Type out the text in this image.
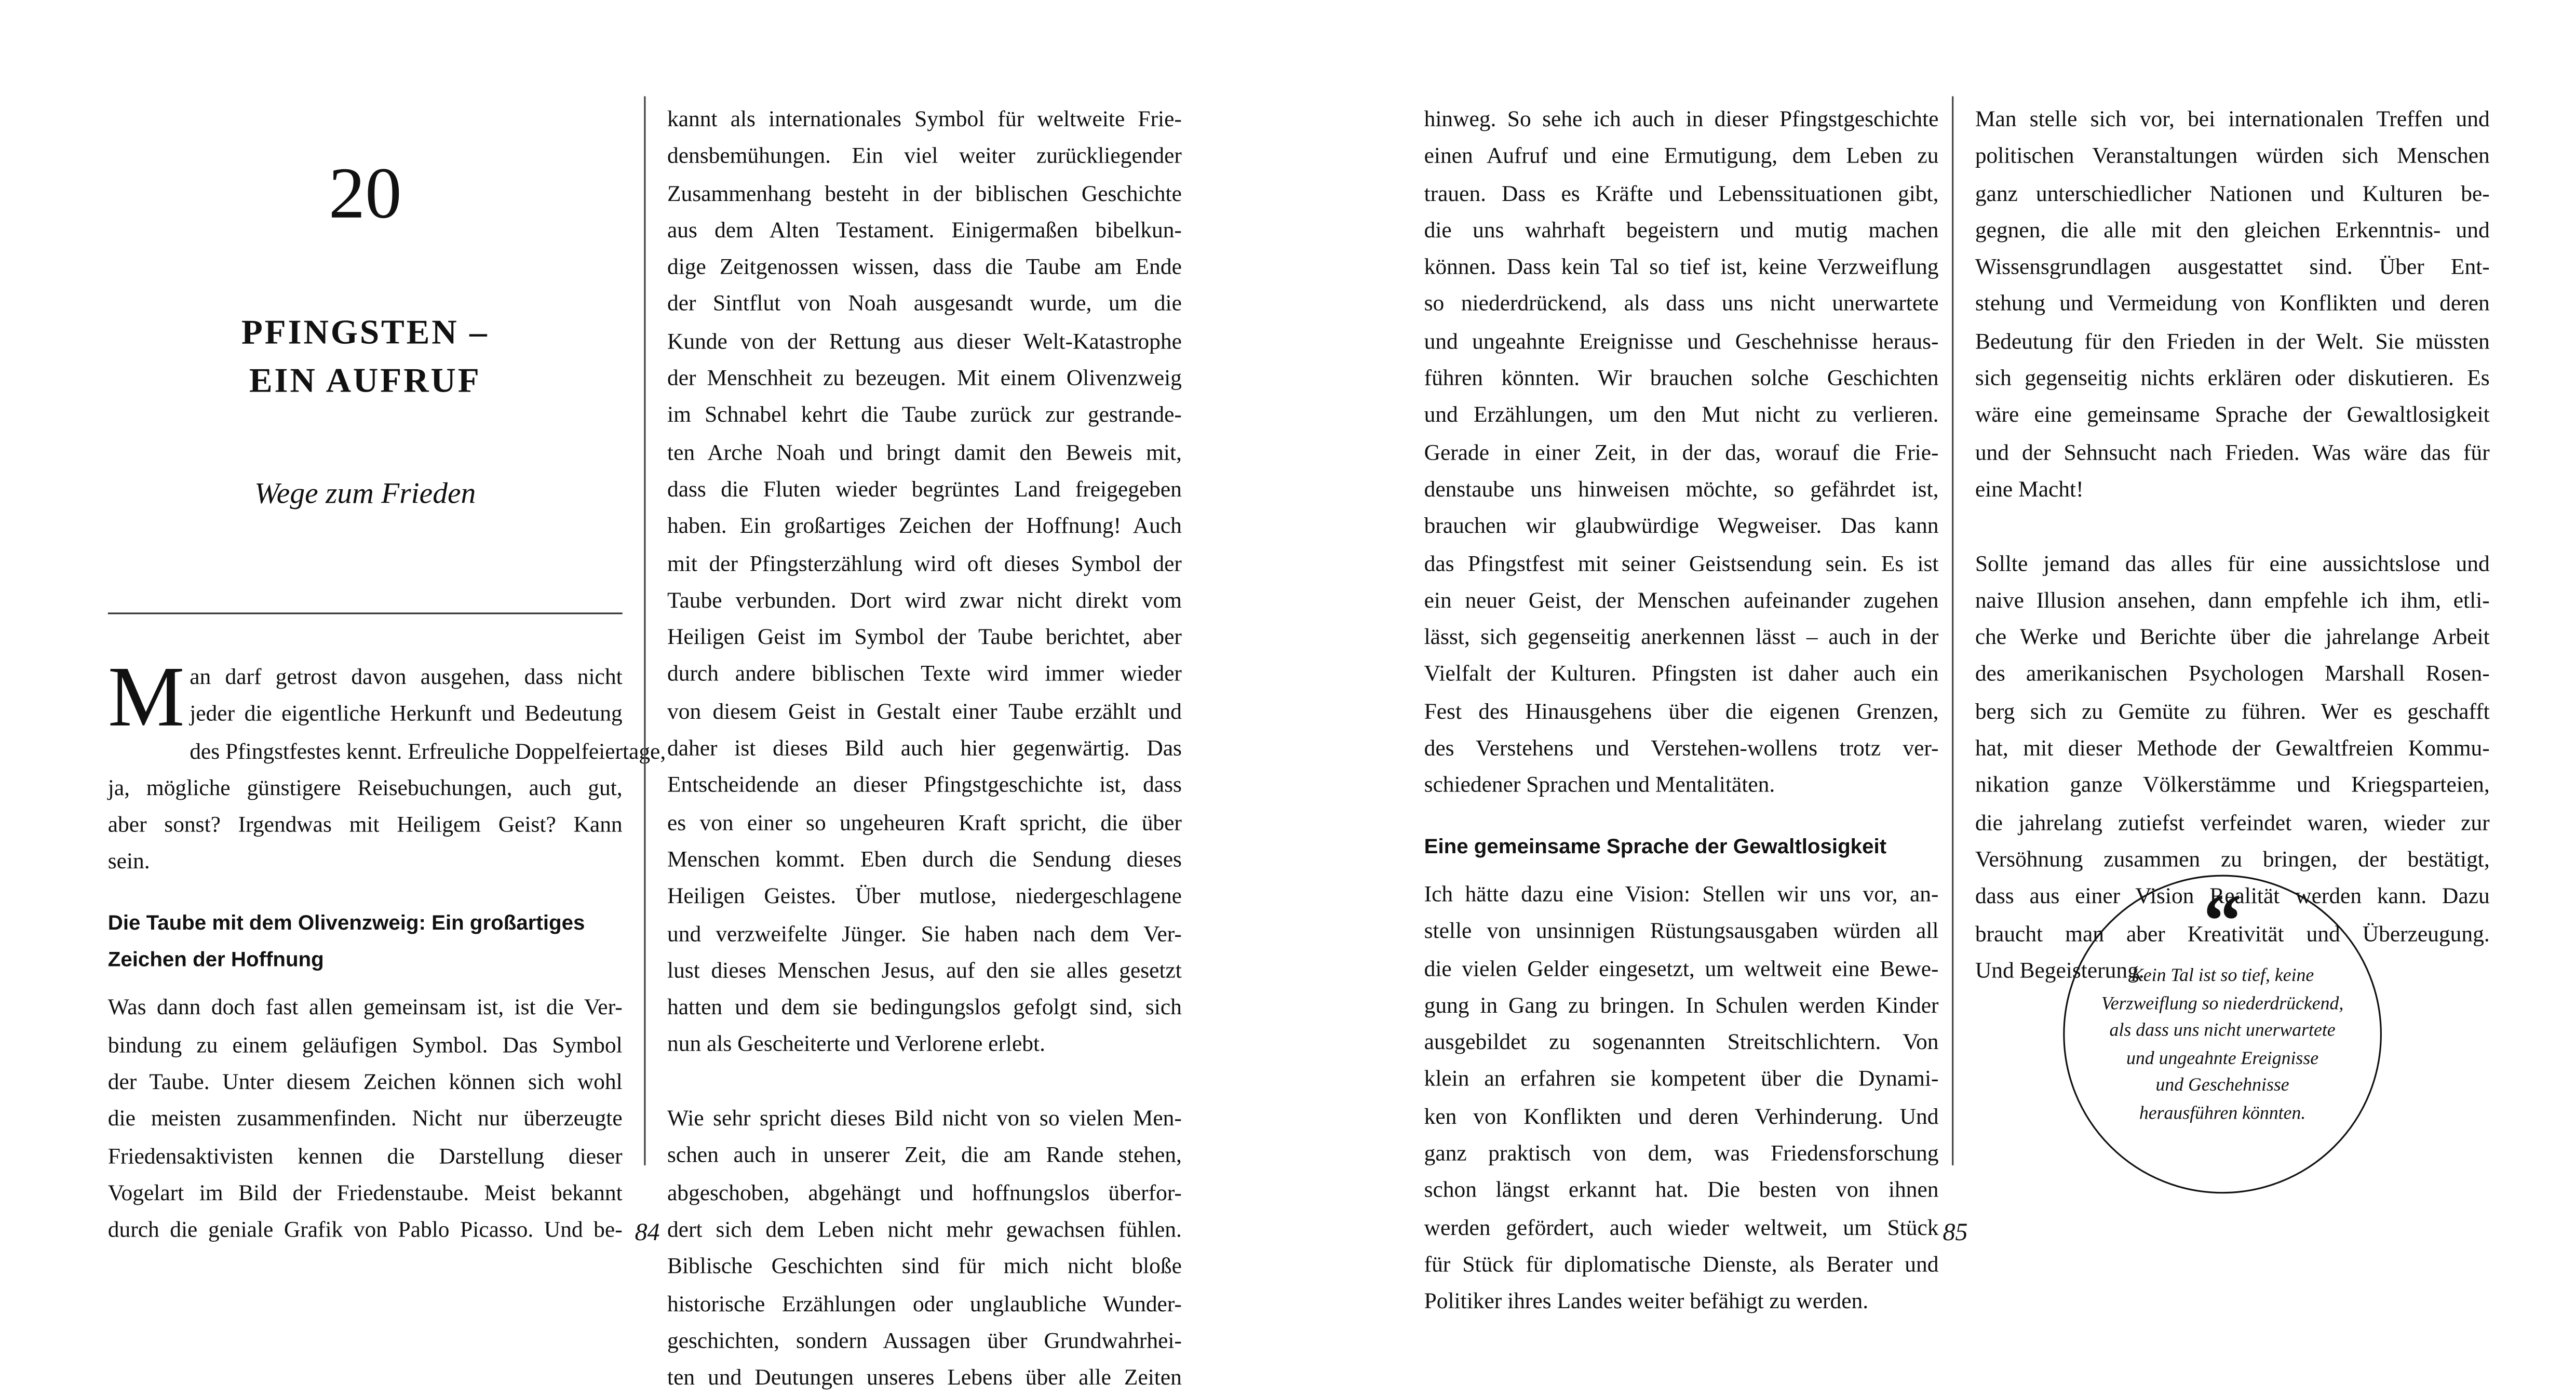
20
PFINGSTEN –
EIN AUFRUF
Wege zum Frieden
M an darf getrost davon ausgehen, dass nicht
jeder die eigentliche Herkunft und Bedeutung
des Pfingstfestes kennt. Erfreuliche Doppelfeiertage,
ja, mögliche günstigere Reisebuchungen, auch gut,
aber sonst? Irgendwas mit Heiligem Geist? Kann
sein.
Die Taube mit dem Olivenzweig: Ein großartiges
Zeichen der Hoffnung
Was dann doch fast allen gemeinsam ist, ist die Ver-
bindung zu einem geläufigen Symbol. Das Symbol
der Taube. Unter diesem Zeichen können sich wohl
die meisten zusammenfinden. Nicht nur überzeugte
Friedensaktivisten kennen die Darstellung dieser
Vogelart im Bild der Friedenstaube. Meist bekannt
durch die geniale Grafik von Pablo Picasso. Und be-
kannt als internationales Symbol für weltweite Frie-
densbemühungen. Ein viel weiter zurückliegender
Zusammenhang besteht in der biblischen Geschichte
aus dem Alten Testament. Einigermaßen bibelkun-
dige Zeitgenossen wissen, dass die Taube am Ende
der Sintflut von Noah ausgesandt wurde, um die
Kunde von der Rettung aus dieser Welt-Katastrophe
der Menschheit zu bezeugen. Mit einem Olivenzweig
im Schnabel kehrt die Taube zurück zur gestrande-
ten Arche Noah und bringt damit den Beweis mit,
dass die Fluten wieder begrüntes Land freigegeben
haben. Ein großartiges Zeichen der Hoffnung! Auch
mit der Pfingsterzählung wird oft dieses Symbol der
Taube verbunden. Dort wird zwar nicht direkt vom
Heiligen Geist im Symbol der Taube berichtet, aber
durch andere biblischen Texte wird immer wieder
von diesem Geist in Gestalt einer Taube erzählt und
daher ist dieses Bild auch hier gegenwärtig. Das
Entscheidende an dieser Pfingstgeschichte ist, dass
es von einer so ungeheuren Kraft spricht, die über
Menschen kommt. Eben durch die Sendung dieses
Heiligen Geistes. Über mutlose, niedergeschlagene
und verzweifelte Jünger. Sie haben nach dem Ver-
lust dieses Menschen Jesus, auf den sie alles gesetzt
hatten und dem sie bedingungslos gefolgt sind, sich
nun als Gescheiterte und Verlorene erlebt.
Wie sehr spricht dieses Bild nicht von so vielen Men-
schen auch in unserer Zeit, die am Rande stehen,
abgeschoben, abgehängt und hoffnungslos überfor-
dert sich dem Leben nicht mehr gewachsen fühlen.
Biblische Geschichten sind für mich nicht bloße
historische Erzählungen oder unglaubliche Wunder-
geschichten, sondern Aussagen über Grundwahrhei-
ten und Deutungen unseres Lebens über alle Zeiten
84
hinweg. So sehe ich auch in dieser Pfingstgeschichte
einen Aufruf und eine Ermutigung, dem Leben zu
trauen. Dass es Kräfte und Lebenssituationen gibt,
die uns wahrhaft begeistern und mutig machen
können. Dass kein Tal so tief ist, keine Verzweiflung
so niederdrückend, als dass uns nicht unerwartete
und ungeahnte Ereignisse und Geschehnisse heraus-
führen könnten. Wir brauchen solche Geschichten
und Erzählungen, um den Mut nicht zu verlieren.
Gerade in einer Zeit, in der das, worauf die Frie-
denstaube uns hinweisen möchte, so gefährdet ist,
brauchen wir glaubwürdige Wegweiser. Das kann
das Pfingstfest mit seiner Geistsendung sein. Es ist
ein neuer Geist, der Menschen aufeinander zugehen
lässt, sich gegenseitig anerkennen lässt – auch in der
Vielfalt der Kulturen. Pfingsten ist daher auch ein
Fest des Hinausgehens über die eigenen Grenzen,
des Verstehens und Verstehen-wollens trotz ver-
schiedener Sprachen und Mentalitäten.
Eine gemeinsame Sprache der Gewaltlosigkeit
Ich hätte dazu eine Vision: Stellen wir uns vor, an-
stelle von unsinnigen Rüstungsausgaben würden all
die vielen Gelder eingesetzt, um weltweit eine Bewe-
gung in Gang zu bringen. In Schulen werden Kinder
ausgebildet zu sogenannten Streitschlichtern. Von
klein an erfahren sie kompetent über die Dynami-
ken von Konflikten und deren Verhinderung. Und
ganz praktisch von dem, was Friedensforschung
schon längst erkannt hat. Die besten von ihnen
werden gefördert, auch wieder weltweit, um Stück
für Stück für diplomatische Dienste, als Berater und
Politiker ihres Landes weiter befähigt zu werden.
Man stelle sich vor, bei internationalen Treffen und
politischen Veranstaltungen würden sich Menschen
ganz unterschiedlicher Nationen und Kulturen be-
gegnen, die alle mit den gleichen Erkenntnis- und
Wissensgrundlagen ausgestattet sind. Über Ent-
stehung und Vermeidung von Konflikten und deren
Bedeutung für den Frieden in der Welt. Sie müssten
sich gegenseitig nichts erklären oder diskutieren. Es
wäre eine gemeinsame Sprache der Gewaltlosigkeit
und der Sehnsucht nach Frieden. Was wäre das für
eine Macht!
Sollte jemand das alles für eine aussichtslose und
naive Illusion ansehen, dann empfehle ich ihm, etli-
che Werke und Berichte über die jahrelange Arbeit
des amerikanischen Psychologen Marshall Rosen-
berg sich zu Gemüte zu führen. Wer es geschafft
hat, mit dieser Methode der Gewaltfreien Kommu-
nikation ganze Völkerstämme und Kriegsparteien,
die jahrelang zutiefst verfeindet waren, wieder zur
Versöhnung zusammen zu bringen, der bestätigt,
dass aus einer Vision Realität werden kann. Dazu
braucht man aber Kreativität und Überzeugung.
Und Begeisterung.
85
“
Kein Tal ist so tief, keine
Verzweiflung so niederdrückend,
als dass uns nicht unerwartete
und ungeahnte Ereignisse
und Geschehnisse
herausführen könnten.
